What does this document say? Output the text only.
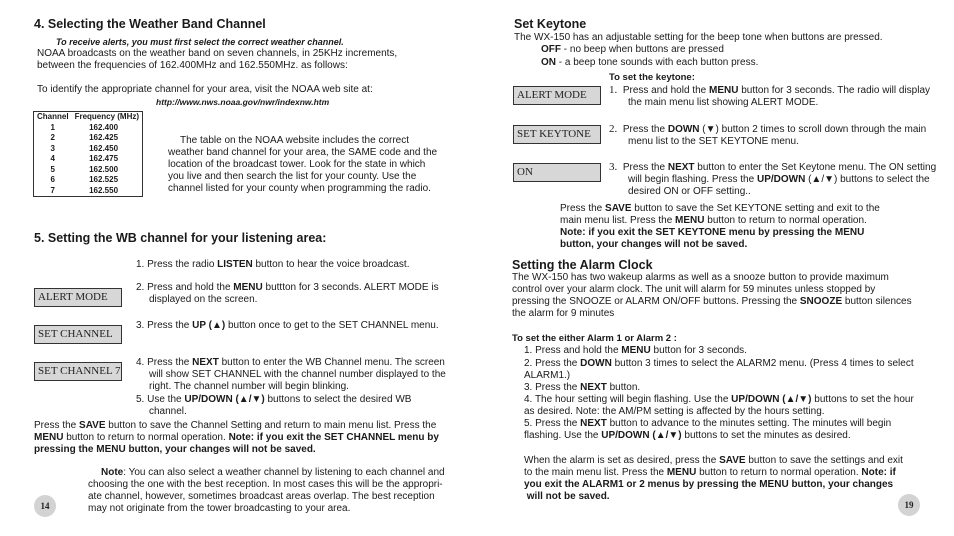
4. Selecting the Weather Band Channel
To receive alerts, you must first select the correct weather channel.
NOAA broadcasts on the weather band on seven channels, in 25KHz increments, between the frequencies of 162.400MHz and 162.550MHz. as follows:
To identify the appropriate channel for your area, visit the NOAA web site at:
http://www.nws.noaa.gov/nwr/indexnw.htm
Channel	Frequency (MHz)
1	162.400
2	162.425
3	162.450
4	162.475
5	162.500
6	162.525
7	162.550
The table on the NOAA website includes the correct weather band channel for your area, the SAME code and the location of the broadcast tower. Look for the state in which you live and then search the list for your county. Use the channel listed for your county when programming the radio.
5. Setting the WB channel for your listening area:
ALERT MODE
SET CHANNEL
SET CHANNEL 7
1. Press the radio LISTEN button to hear the voice broadcast.
2. Press and hold the MENU buttton for 3 seconds. ALERT MODE is displayed on the screen.
3. Press the UP (▲) button once to get to the SET CHANNEL menu.
4. Press the NEXT button to enter the WB Channel menu. The screen will show SET CHANNEL with the channel number displayed to the right. The channel number will begin blinking.
5. Use the UP/DOWN (▲/▼) buttons to select the desired WB channel.
Press the SAVE button to save the Channel Setting and return to main menu list. Press the MENU button to return to normal operation. Note: if you exit the SET CHANNEL menu by pressing the MENU button, your changes will not be saved.
Note: You can also select a weather channel by listening to each channel and choosing the one with the best reception. In most cases this will be the appropri-ate channel, however, sometimes broadcast areas overlap. The best reception may not originate from the tower broadcasting to your area.
14
Set Keytone
The WX-150 has an adjustable setting for the beep tone when buttons are pressed.
OFF - no beep when buttons are pressed
ON - a beep tone sounds with each button press.
To set the keytone:
ALERT MODE
SET KEYTONE
ON
1. Press and hold the MENU button for 3 seconds. The radio will display the main menu list showing ALERT MODE.
2. Press the DOWN (▼) button 2 times to scroll down through the main menu list to the SET KEYTONE menu.
3. Press the NEXT button to enter the Set Keytone menu. The ON setting will begin flashing. Press the UP/DOWN (▲/▼) buttons to select the desired ON or OFF setting..
Press the SAVE button to save the Set KEYTONE setting and exit to the main menu list. Press the MENU button to return to normal operation. Note: if you exit the SET KEYTONE menu by pressing the MENU button, your changes will not be saved.
Setting the Alarm Clock
The WX-150 has two wakeup alarms as well as a snooze button to provide maximum control over your alarm clock. The unit will alarm for 59 minutes unless stopped by pressing the SNOOZE or ALARM ON/OFF buttons. Pressing the SNOOZE button silences the alarm for 9 minutes
To set the either Alarm 1 or Alarm 2 :
1. Press and hold the MENU button for 3 seconds.
2. Press the DOWN button 3 times to select the ALARM2 menu. (Press 4 times to select ALARM1.)
3. Press the NEXT button.
4. The hour setting will begin flashing. Use the UP/DOWN (▲/▼) buttons to set the hour as desired. Note: the AM/PM setting is affected by the hours setting.
5. Press the NEXT button to advance to the minutes setting. The minutes will begin flashing. Use the UP/DOWN (▲/▼) buttons to set the minutes as desired.
When the alarm is set as desired, press the SAVE button to save the settings and exit to the main menu list. Press the MENU button to return to normal operation. Note: if you exit the ALARM1 or 2 menus by pressing the MENU button, your changes
will not be saved.
19
